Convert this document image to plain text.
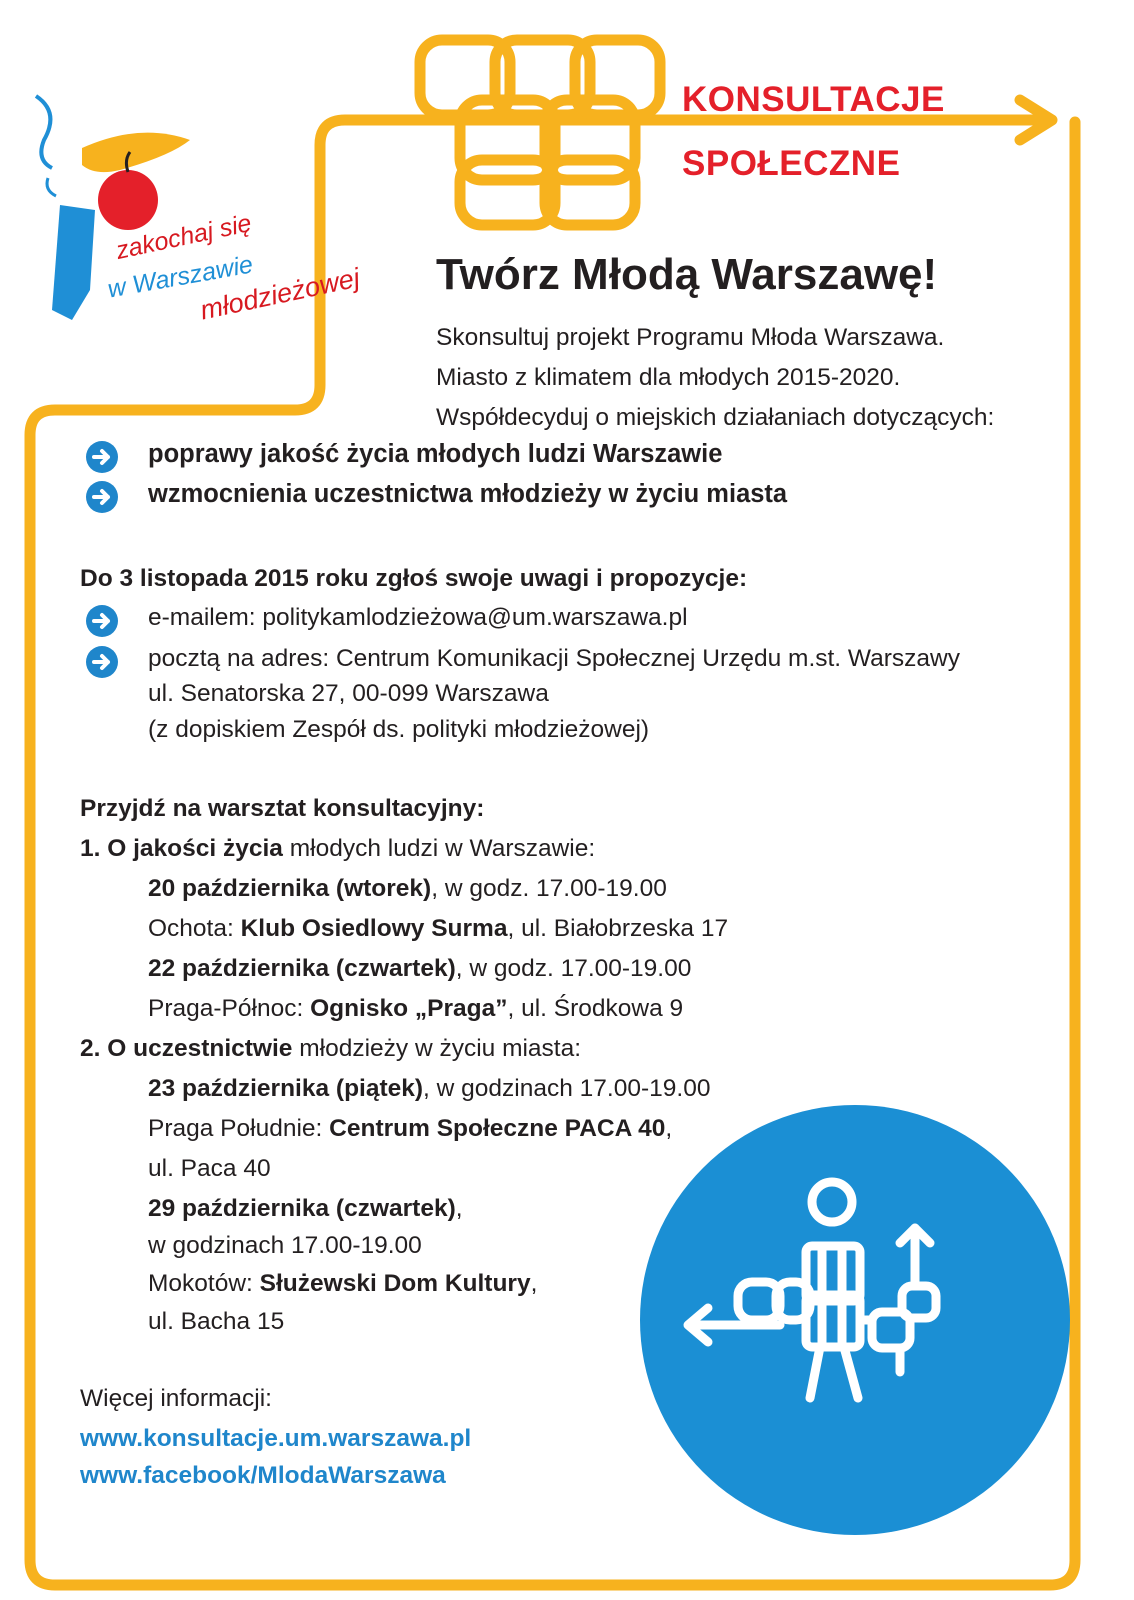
zakochaj się
w Warszawie
młodzieżowej
KONSULTACJE
SPOŁECZNE
Twórz Młodą Warszawę!
Skonsultuj projekt Programu Młoda Warszawa.
Miasto z klimatem dla młodych 2015-2020.
Współdecyduj o miejskich działaniach dotyczących:
poprawy jakość życia młodych ludzi Warszawie
wzmocnienia uczestnictwa młodzieży w życiu miasta
Do 3 listopada 2015 roku zgłoś swoje uwagi i propozycje:
e-mailem: politykamlodzieżowa@um.warszawa.pl
pocztą na adres: Centrum Komunikacji Społecznej Urzędu m.st. Warszawy
ul. Senatorska 27, 00-099 Warszawa
(z dopiskiem Zespół ds. polityki młodzieżowej)
Przyjdź na warsztat konsultacyjny:
1. O jakości życia młodych ludzi w Warszawie:
20 października (wtorek), w godz. 17.00-19.00
Ochota: Klub Osiedlowy Surma, ul. Białobrzeska 17
22 października (czwartek), w godz. 17.00-19.00
Praga-Północ: Ognisko „Praga”, ul. Środkowa 9
2. O uczestnictwie młodzieży w życiu miasta:
23 października (piątek), w godzinach 17.00-19.00
Praga Południe: Centrum Społeczne PACA 40,
ul. Paca 40
29 października (czwartek),
w godzinach 17.00-19.00
Mokotów: Służewski Dom Kultury,
ul. Bacha 15
Więcej informacji:
www.konsultacje.um.warszawa.pl
www.facebook/MlodaWarszawa
